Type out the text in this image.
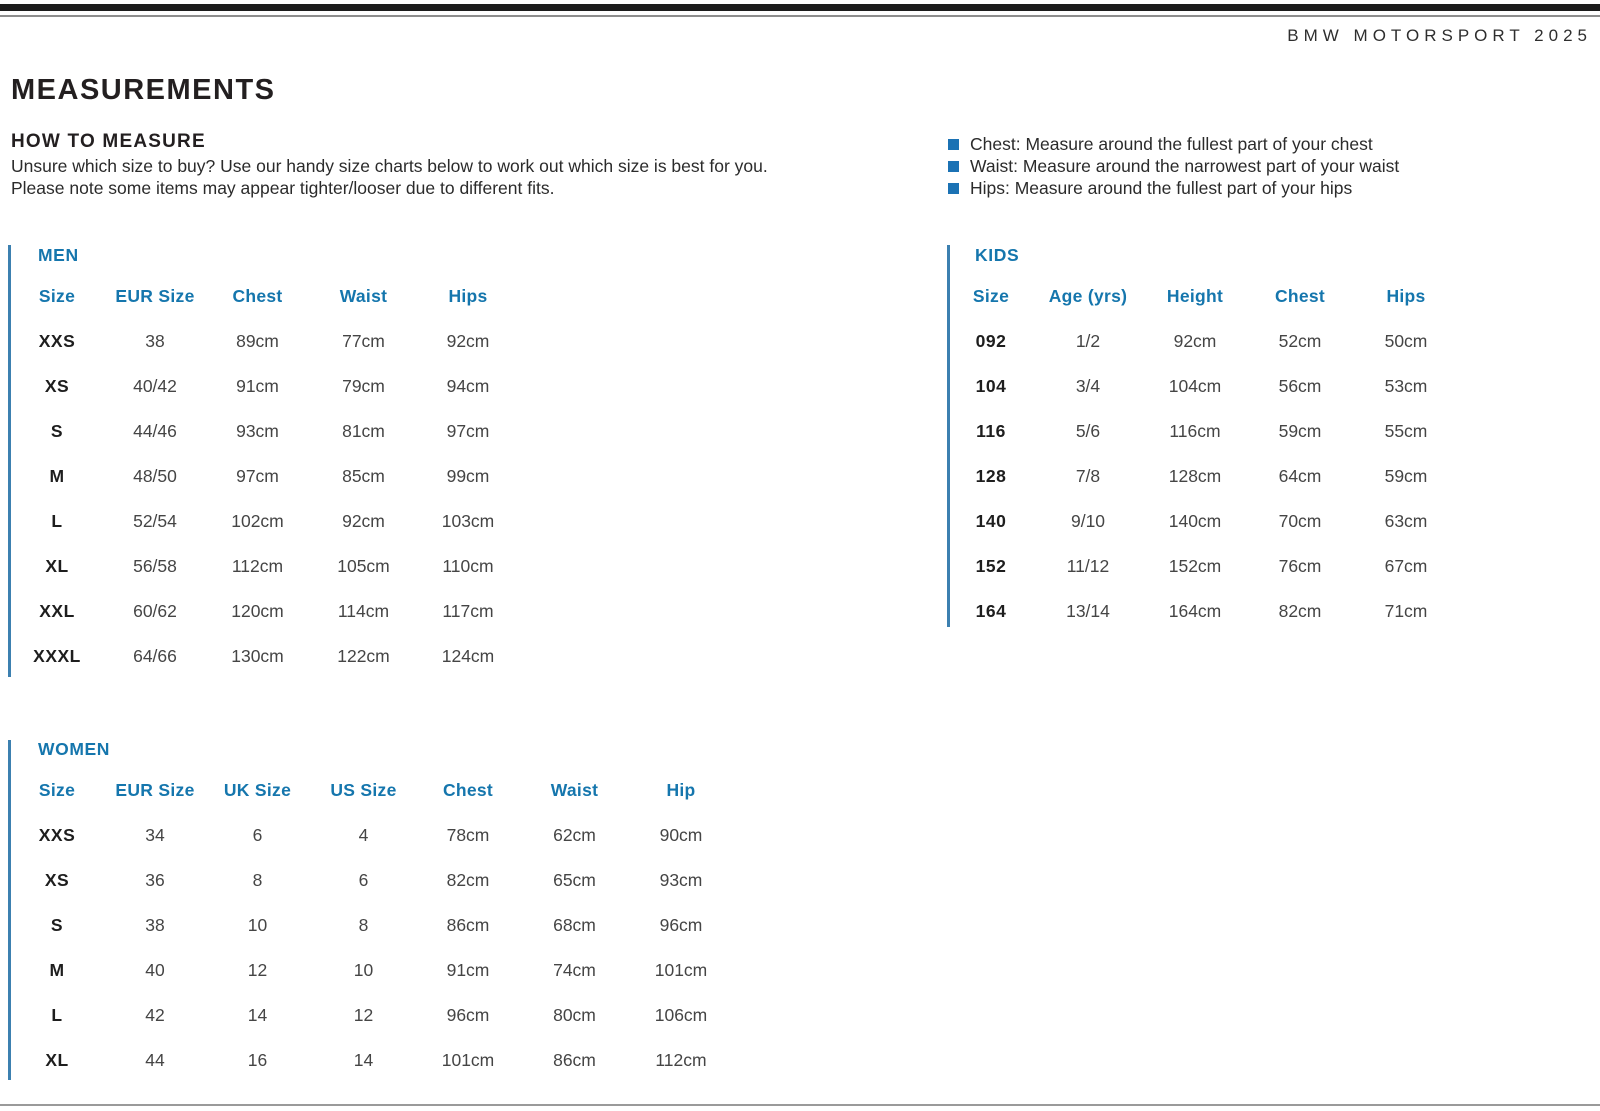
BMW MOTORSPORT 2025
MEASUREMENTS
HOW TO MEASURE
Unsure which size to buy? Use our handy size charts below to work out which size is best for you.
Please note some items may appear tighter/looser due to different fits.
Chest: Measure around the fullest part of your chest
Waist: Measure around the narrowest part of your waist
Hips: Measure around the fullest part of your hips
MEN
Size	EUR Size	Chest	Waist	Hips
XXS	38	89cm	77cm	92cm
XS	40/42	91cm	79cm	94cm
S	44/46	93cm	81cm	97cm
M	48/50	97cm	85cm	99cm
L	52/54	102cm	92cm	103cm
XL	56/58	112cm	105cm	110cm
XXL	60/62	120cm	114cm	117cm
XXXL	64/66	130cm	122cm	124cm
KIDS
Size	Age (yrs)	Height	Chest	Hips
092	1/2	92cm	52cm	50cm
104	3/4	104cm	56cm	53cm
116	5/6	116cm	59cm	55cm
128	7/8	128cm	64cm	59cm
140	9/10	140cm	70cm	63cm
152	11/12	152cm	76cm	67cm
164	13/14	164cm	82cm	71cm
WOMEN
Size	EUR Size	UK Size	US Size	Chest	Waist	Hip
XXS	34	6	4	78cm	62cm	90cm
XS	36	8	6	82cm	65cm	93cm
S	38	10	8	86cm	68cm	96cm
M	40	12	10	91cm	74cm	101cm
L	42	14	12	96cm	80cm	106cm
XL	44	16	14	101cm	86cm	112cm
